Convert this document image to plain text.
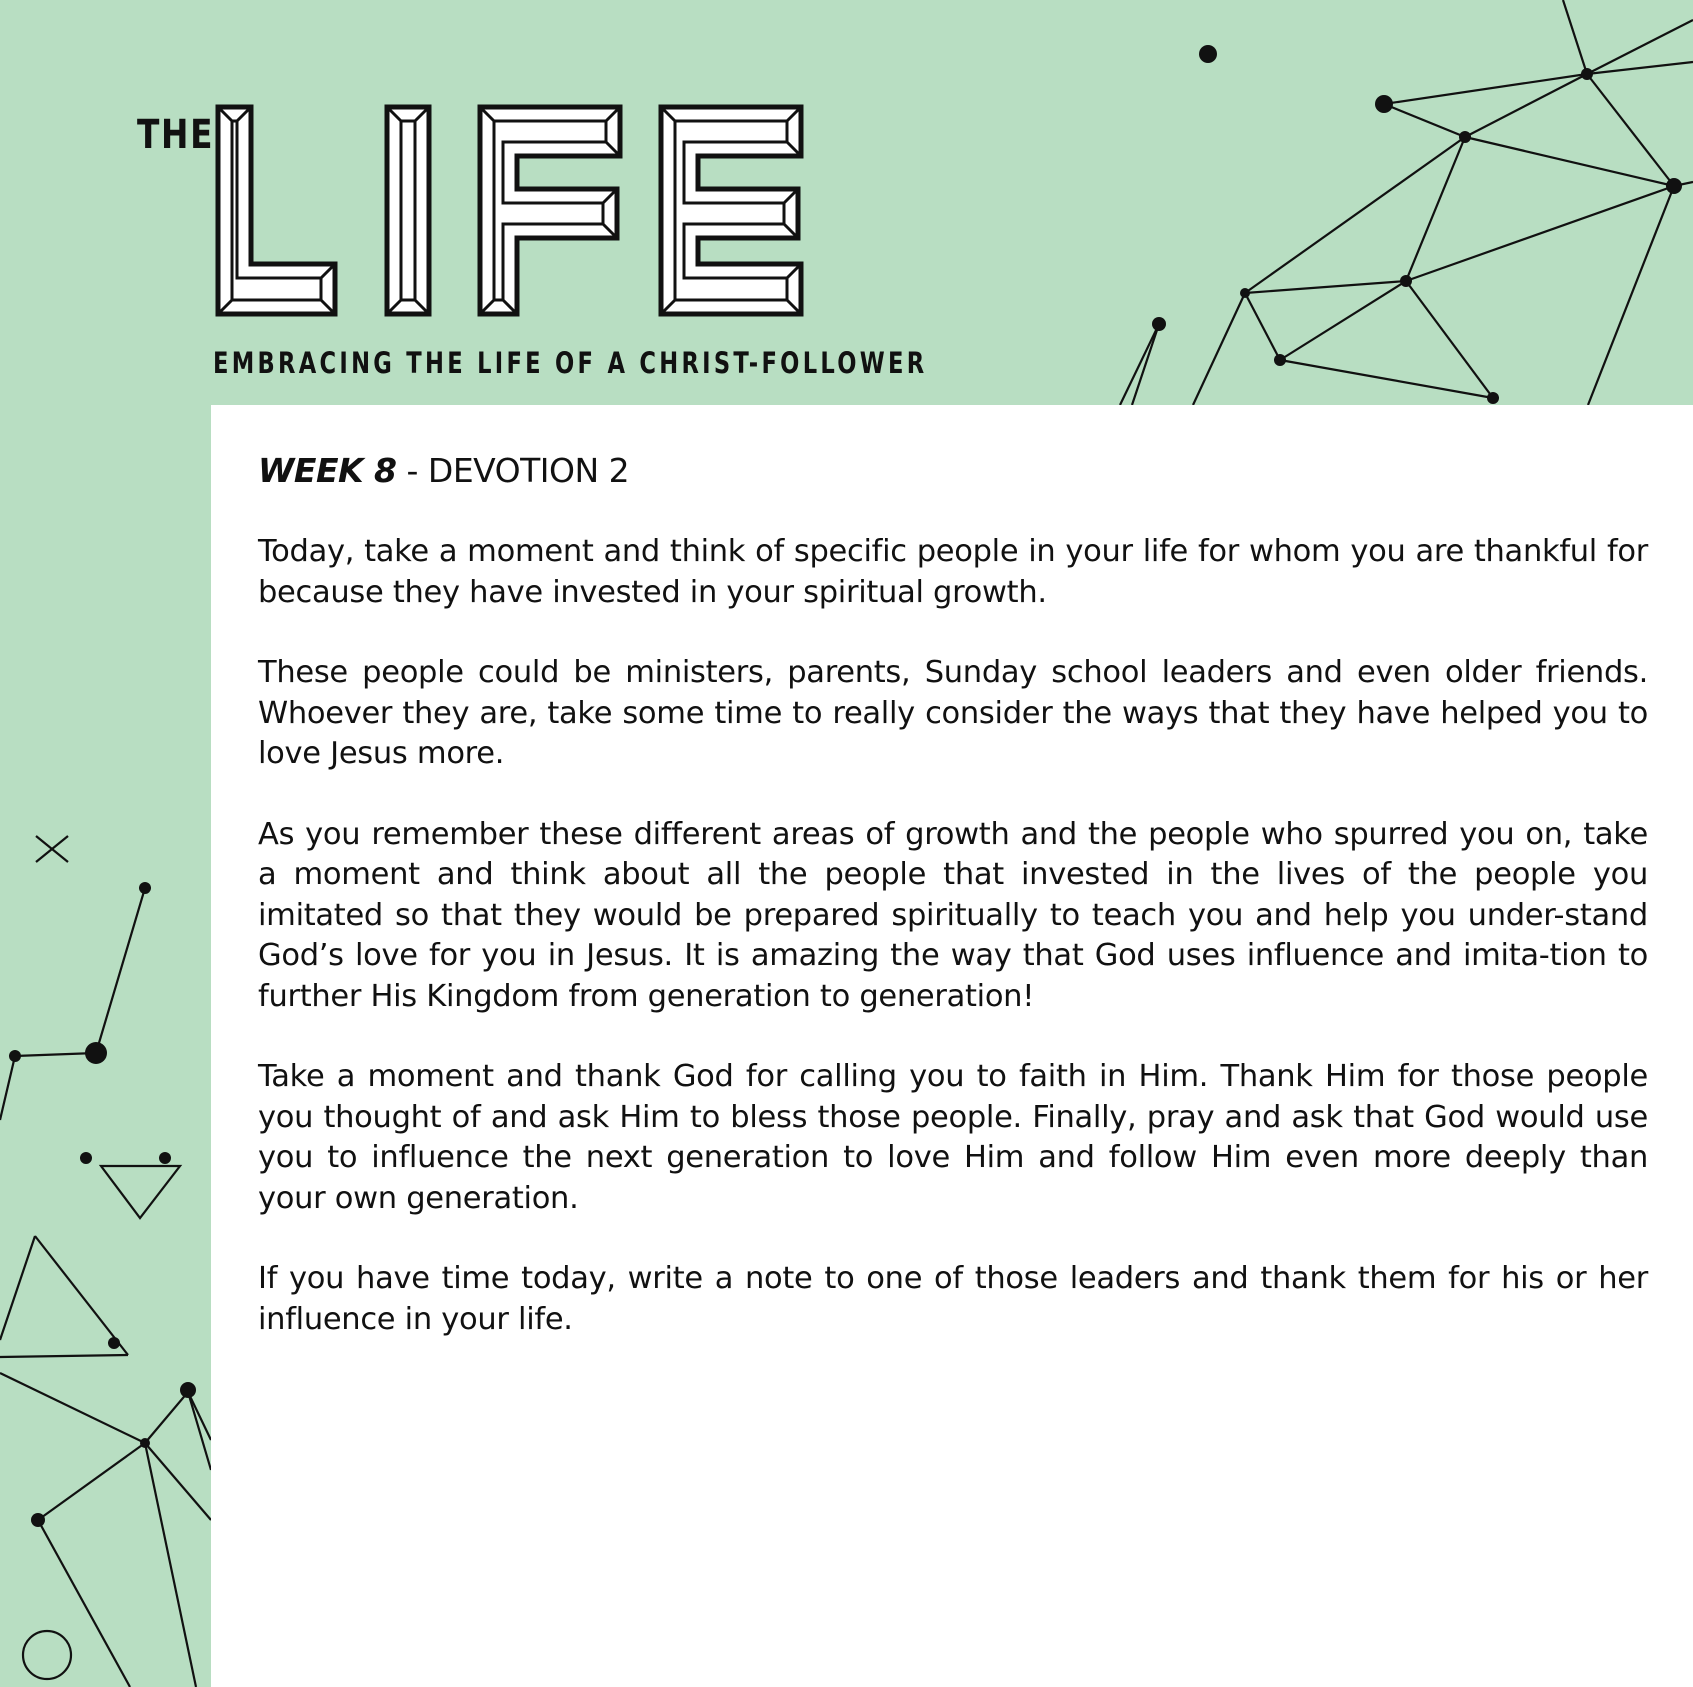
THE
EMBRACING THE LIFE OF A CHRIST-FOLLOWER
WEEK 8 - DEVOTION 2

Today, take a moment and think of specific people in your life for whom you are thankful for because they have invested in your spiritual growth.

These people could be ministers, parents, Sunday school leaders and even older friends. Whoever they are, take some time to really consider the ways that they have helped you to love Jesus more.

As you remember these different areas of growth and the people who spurred you on, take a moment and think about all the people that invested in the lives of the people you imitated so that they would be prepared spiritually to teach you and help you under-stand God’s love for you in Jesus. It is amazing the way that God uses influence and imita-tion to further His Kingdom from generation to generation!

Take a moment and thank God for calling you to faith in Him. Thank Him for those people you thought of and ask Him to bless those people. Finally, pray and ask that God would use you to influence the next generation to love Him and follow Him even more deeply than your own generation.

If you have time today, write a note to one of those leaders and thank them for his or her influence in your life.
